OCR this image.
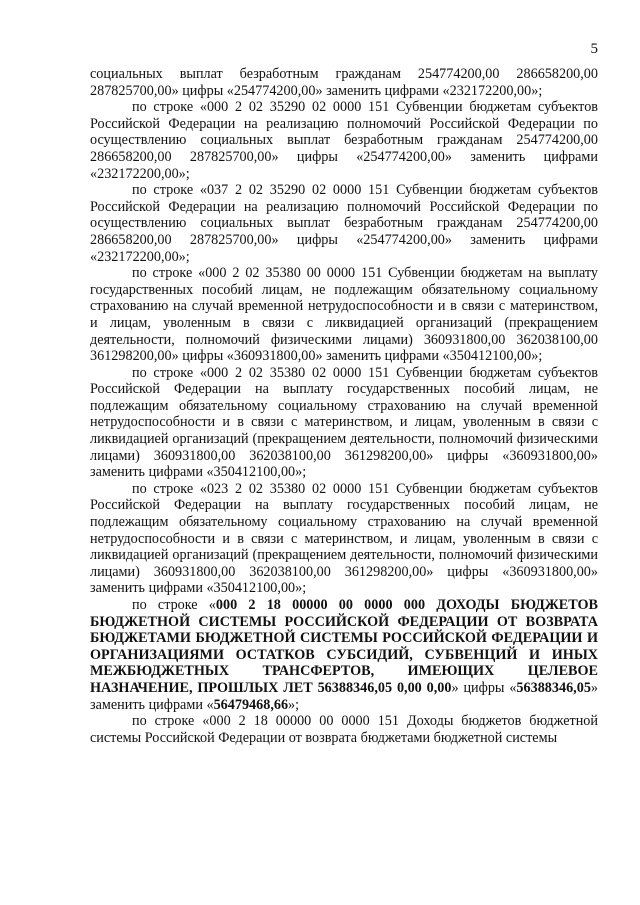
5

социальных выплат безработным гражданам 254774200,00 286658200,00 287825700,00» цифры «254774200,00» заменить цифрами «232172200,00»;

по строке «000 2 02 35290 02 0000 151 Субвенции бюджетам субъектов Российской Федерации на реализацию полномочий Российской Федерации по осуществлению социальных выплат безработным гражданам 254774200,00 286658200,00 287825700,00» цифры «254774200,00» заменить цифрами «232172200,00»;

по строке «037 2 02 35290 02 0000 151 Субвенции бюджетам субъектов Российской Федерации на реализацию полномочий Российской Федерации по осуществлению социальных выплат безработным гражданам 254774200,00 286658200,00 287825700,00» цифры «254774200,00» заменить цифрами «232172200,00»;

по строке «000 2 02 35380 00 0000 151 Субвенции бюджетам на выплату государственных пособий лицам, не подлежащим обязательному социальному страхованию на случай временной нетрудоспособности и в связи с материнством, и лицам, уволенным в связи с ликвидацией организаций (прекращением деятельности, полномочий физическими лицами) 360931800,00 362038100,00 361298200,00» цифры «360931800,00» заменить цифрами «350412100,00»;

по строке «000 2 02 35380 02 0000 151 Субвенции бюджетам субъектов Российской Федерации на выплату государственных пособий лицам, не подлежащим обязательному социальному страхованию на случай временной нетрудоспособности и в связи с материнством, и лицам, уволенным в связи с ликвидацией организаций (прекращением деятельности, полномочий физическими лицами) 360931800,00 362038100,00 361298200,00» цифры «360931800,00» заменить цифрами «350412100,00»;

по строке «023 2 02 35380 02 0000 151 Субвенции бюджетам субъектов Российской Федерации на выплату государственных пособий лицам, не подлежащим обязательному социальному страхованию на случай временной нетрудоспособности и в связи с материнством, и лицам, уволенным в связи с ликвидацией организаций (прекращением деятельности, полномочий физическими лицами) 360931800,00 362038100,00 361298200,00» цифры «360931800,00» заменить цифрами «350412100,00»;

по строке «000 2 18 00000 00 0000 000 ДОХОДЫ БЮДЖЕТОВ БЮДЖЕТНОЙ СИСТЕМЫ РОССИЙСКОЙ ФЕДЕРАЦИИ ОТ ВОЗВРАТА БЮДЖЕТАМИ БЮДЖЕТНОЙ СИСТЕМЫ РОССИЙСКОЙ ФЕДЕРАЦИИ И ОРГАНИЗАЦИЯМИ ОСТАТКОВ СУБСИДИЙ, СУБВЕНЦИЙ И ИНЫХ МЕЖБЮДЖЕТНЫХ ТРАНСФЕРТОВ, ИМЕЮЩИХ ЦЕЛЕВОЕ НАЗНАЧЕНИЕ, ПРОШЛЫХ ЛЕТ 56388346,05 0,00 0,00» цифры «56388346,05» заменить цифрами «56479468,66»;

по строке «000 2 18 00000 00 0000 151 Доходы бюджетов бюджетной системы Российской Федерации от возврата бюджетами бюджетной системы
